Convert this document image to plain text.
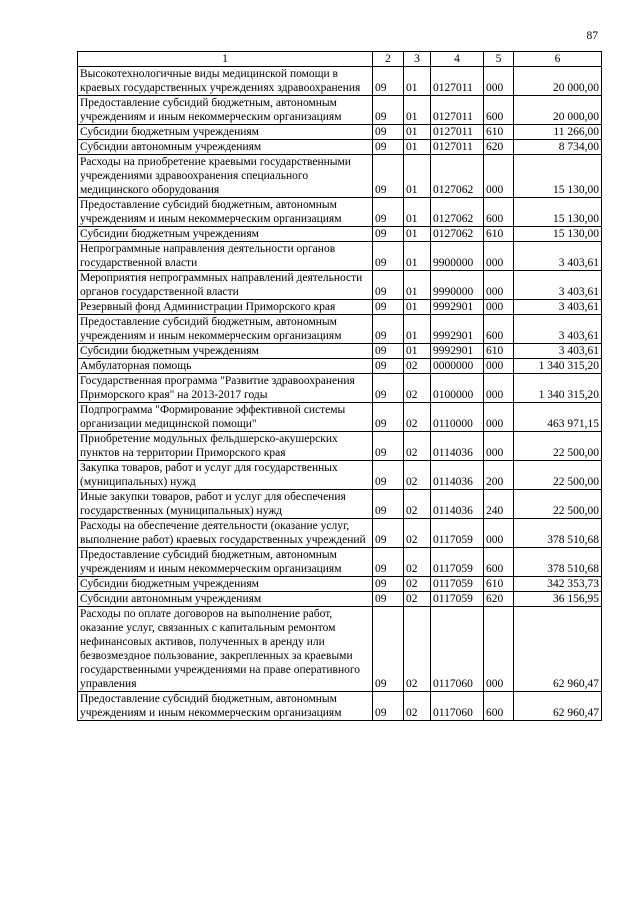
87
1	2	3	4	5	6
Высокотехнологичные виды медицинской помощи в краевых государственных учреждениях здравоохранения	09	01	0127011	000	20 000,00
Предоставление субсидий бюджетным, автономным учреждениям и иным некоммерческим организациям	09	01	0127011	600	20 000,00
Субсидии бюджетным учреждениям	09	01	0127011	610	11 266,00
Субсидии автономным учреждениям	09	01	0127011	620	8 734,00
Расходы на приобретение краевыми государственными учреждениями здравоохранения специального медицинского оборудования	09	01	0127062	000	15 130,00
Предоставление субсидий бюджетным, автономным учреждениям и иным некоммерческим организациям	09	01	0127062	600	15 130,00
Субсидии бюджетным учреждениям	09	01	0127062	610	15 130,00
Непрограммные направления деятельности органов государственной власти	09	01	9900000	000	3 403,61
Мероприятия непрограммных направлений деятельности органов государственной власти	09	01	9990000	000	3 403,61
Резервный фонд Администрации Приморского края	09	01	9992901	000	3 403,61
Предоставление субсидий бюджетным, автономным учреждениям и иным некоммерческим организациям	09	01	9992901	600	3 403,61
Субсидии бюджетным учреждениям	09	01	9992901	610	3 403,61
Амбулаторная помощь	09	02	0000000	000	1 340 315,20
Государственная программа "Развитие здравоохранения Приморского края" на 2013-2017 годы	09	02	0100000	000	1 340 315,20
Подпрограмма "Формирование эффективной системы организации медицинской помощи"	09	02	0110000	000	463 971,15
Приобретение модульных фельдшерско-акушерских пунктов на территории Приморского края	09	02	0114036	000	22 500,00
Закупка товаров, работ и услуг для государственных (муниципальных) нужд	09	02	0114036	200	22 500,00
Иные закупки товаров, работ и услуг для обеспечения государственных (муниципальных) нужд	09	02	0114036	240	22 500,00
Расходы на обеспечение деятельности (оказание услуг, выполнение работ) краевых государственных учреждений	09	02	0117059	000	378 510,68
Предоставление субсидий бюджетным, автономным учреждениям и иным некоммерческим организациям	09	02	0117059	600	378 510,68
Субсидии бюджетным учреждениям	09	02	0117059	610	342 353,73
Субсидии автономным учреждениям	09	02	0117059	620	36 156,95
Расходы по оплате договоров на выполнение работ, оказание услуг, связанных с капитальным ремонтом нефинансовых активов, полученных в аренду или безвозмездное пользование, закрепленных за краевыми государственными учреждениями на праве оперативного управления	09	02	0117060	000	62 960,47
Предоставление субсидий бюджетным, автономным учреждениям и иным некоммерческим организациям	09	02	0117060	600	62 960,47
